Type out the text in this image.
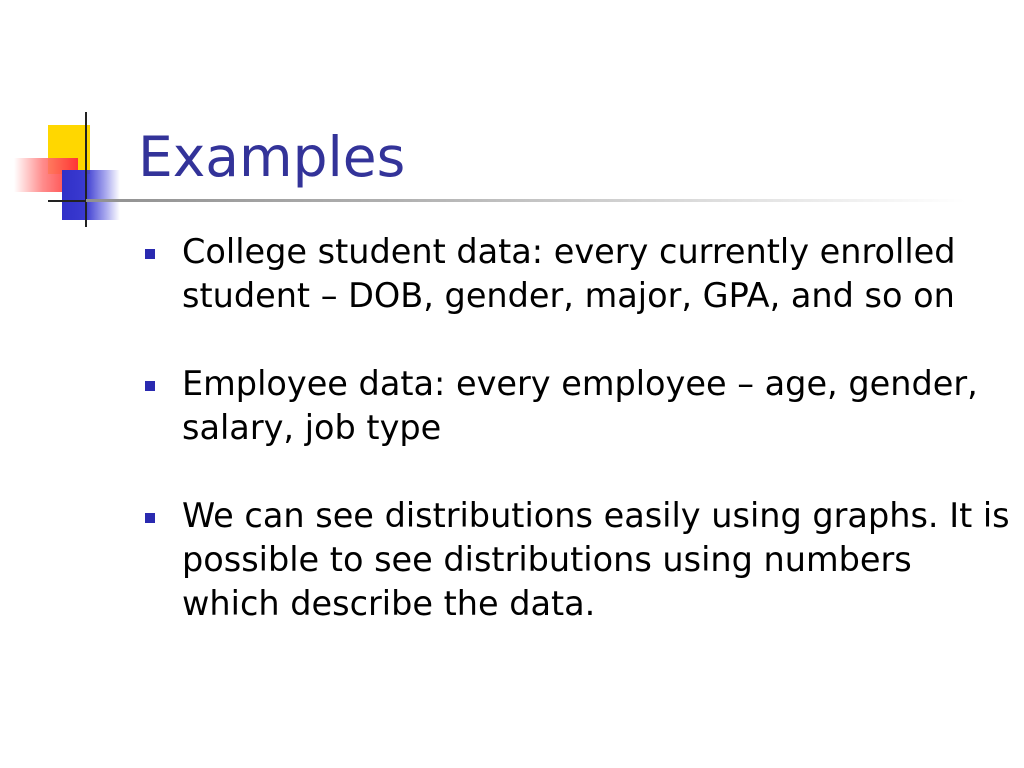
Examples
College student data: every currently enrolled student – DOB, gender, major, GPA, and so on
Employee data: every employee – age, gender, salary, job type
We can see distributions easily using graphs. It is possible to see distributions using numbers which describe the data.
